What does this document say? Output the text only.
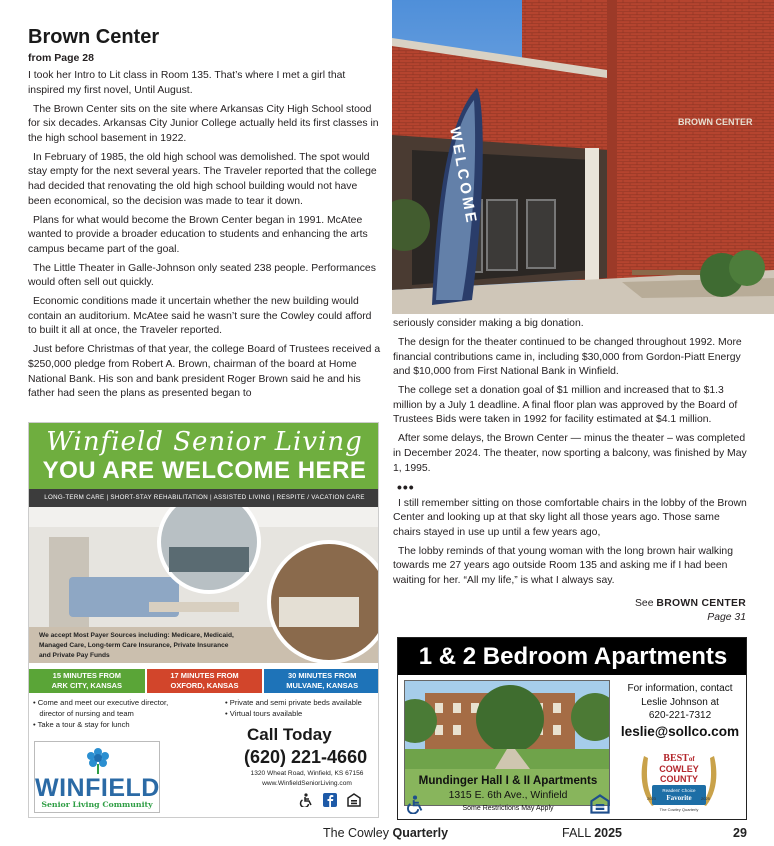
Brown Center
from Page 28

I took her Intro to Lit class in Room 135. That’s where I met a girl that inspired my first novel, Until August.

The Brown Center sits on the site where Arkansas City High School stood for six decades. Arkansas City Junior College actually held its first classes in the high school basement in 1922.

In February of 1985, the old high school was demolished. The spot would stay empty for the next several years. The Traveler reported that the college had decided that renovating the old high school building would not have been economical, so the decision was made to tear it down.

Plans for what would become the Brown Center began in 1991. McAtee wanted to provide a broader education to students and enhancing the arts campus became part of the goal.

The Little Theater in Galle-Johnson only seated 238 people. Performances would often sell out quickly.

Economic conditions made it uncertain whether the new building would contain an auditorium. McAtee said he wasn’t sure the Cowley could afford to built it all at once, the Traveler reported.

Just before Christmas of that year, the college Board of Trustees received a $250,000 pledge from Robert A. Brown, chairman of the board at Home National Bank. His son and bank president Roger Brown said he and his father had seen the plans as presented began to

BROWN CENTER
WELCOME

seriously consider making a big donation.

The design for the theater continued to be changed throughout 1992. More financial contributions came in, including $30,000 from Gordon-Piatt Energy and $10,000 from First National Bank in Winfield.

The college set a donation goal of $1 million and increased that to $1.3 million by a July 1 deadline. A final floor plan was approved by the Board of Trustees Bids were taken in 1992 for facility estimated at $4.1 million.

After some delays, the Brown Center — minus the theater – was completed in December 2024. The theater, now sporting a balcony, was finished by May 1, 1995.

•••

I still remember sitting on those comfortable chairs in the lobby of the Brown Center and looking up at that sky light all those years ago. Those same chairs stayed in use up until a few years ago,

The lobby reminds of that young woman with the long brown hair walking towards me 27 years ago outside Room 135 and asking me if I had been waiting for her. “All my life,” is what I always say.

See BROWN CENTER
Page 31
Winfield Senior Living
YOU ARE WELCOME HERE
LONG-TERM CARE | SHORT-STAY REHABILITATION | ASSISTED LIVING | RESPITE / VACATION CARE
We accept Most Payer Sources including: Medicare, Medicaid, Managed Care, Long-term Care Insurance, Private Insurance and Private Pay Funds
15 MINUTES FROM
ARK CITY, KANSAS
17 MINUTES FROM
OXFORD, KANSAS
30 MINUTES FROM
MULVANE, KANSAS
• Come and meet our executive director,
director of nursing and team
• Take a tour & stay for lunch
• Private and semi private beds available
• Virtual tours available
WINFIELD
Senior Living Community
Call Today
(620) 221-4660
1320 Wheat Road, Winfield, KS 67156
www.WinfieldSeniorLiving.com
1 & 2 Bedroom Apartments
Mundinger Hall I & II Apartments
1315 E. 6th Ave., Winfield
Some Restrictions May Apply
For information, contact
Leslie Johnson at
620-221-7312
leslie@sollco.com
BESTof
COWLEY
COUNTY
Readers' Choice
Favorite
2023	2025
The Cowley Quarterly
The Cowley Quarterly	FALL 2025	29
